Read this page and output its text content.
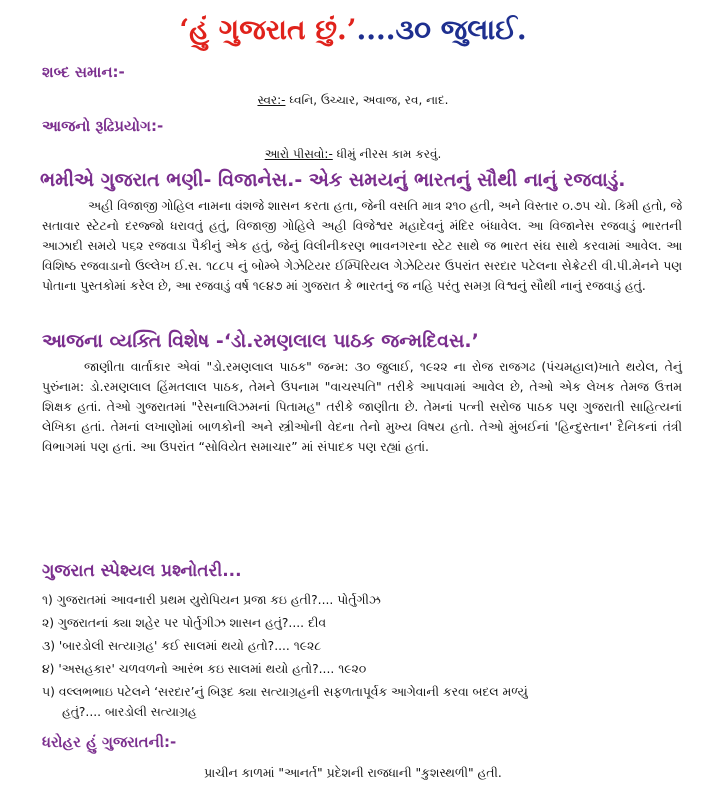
‘હું ગુજરાત છું.’....૩૦ જુલાઈ.
શબ્દ સમાન:-
સ્વર:- ધ્વનિ, ઉચ્ચાર, અવાજ, રવ, નાદ.
આજનો રૂઢિપ્રયોગ:-
આરો પીસવો:- ધીમું નીરસ કામ કરવું.
ભમીએ ગુજરાત ભણી- વિજાનેસ.- એક સમયનું ભારતનું સૌથી નાનું રજવાડું.

અહી વિજાજી ગોહિલ નામના વંશજે શાસન કરતા હતા, જેની વસતિ માત્ર ૨૧૦ હતી, અને વિસ્તાર ૦.૭૫ ચો. કિમી હતો, જે સતાવાર સ્ટેટનો દરજ્જો ધરાવતું હતું, વિજાજી ગોહિલે અહી વિજેશ્વર મહાદેવનું મંદિર બંધાવેલ. આ વિજાનેસ રજવાડું ભારતની આઝાદી સમયે ૫૬૨ રજવાડા પૈકીનું એક હતું, જેનું વિલીનીકરણ ભાવનગરના સ્ટેટ સાથે જ ભારત સંઘ સાથે કરવામાં આવેલ. આ વિશિષ્ઠ રજવાડાનો ઉલ્લેખ ઈ.સ. ૧૮૮૫ નું બોમ્બે ગેઝેટિયર ઈમ્પિરિયલ ગેઝેટિયર ઉપરાંત સરદાર પટેલના સેક્રેટરી વી.પી.મેનને પણ પોતાના પુસ્તકોમાં કરેલ છે, આ રજવાડું વર્ષ ૧૯૪૭ માં ગુજરાત કે ભારતનું જ નહિ પરંતુ સમગ્ર વિશ્વનું સૌથી નાનું રજવાડું હતું.

આજના વ્યક્તિ વિશેષ -‘ડો.રમણલાલ પાઠક જન્મદિવસ.’

જાણીતા વાર્તાકાર એવાં "ડો.રમણલાલ પાઠક" જન્મ: ૩૦ જુલાઈ, ૧૯૨૨ ના રોજ રાજગઢ (પંચમહાલ)ખાતે થયેલ, તેનું પુરુંનામ: ડો.રમણલાલ હિંમતલાલ પાઠક, તેમને ઉપનામ "વાચસ્પતિ" તરીકે આપવામાં આવેલ છે, તેઓ એક લેખક તેમજ ઉત્તમ શિક્ષક હતાં. તેઓ ગુજરાતમાં "રેસનાલિઝમનાં પિતામહ" તરીકે જાણીતા છે. તેમનાં પત્ની સરોજ પાઠક પણ ગુજરાતી સાહિત્યનાં લેખિકા હતાં. તેમનાં લખાણોમાં બાળકોની અને સ્ત્રીઓની વેદના તેનો મુખ્ય વિષય હતો. તેઓ મુંબઈનાં 'હિન્દુસ્તાન' દૈનિકનાં તંત્રી વિભાગમાં પણ હતાં. આ ઉપરાંત “સોવિયેત સમાચાર” માં સંપાદક પણ રહ્યાં હતાં.

ગુજરાત સ્પેશ્યલ પ્રશ્નોતરી...

૧) ગુજરાતમાં આવનારી પ્રથમ યુરોપિયન પ્રજા કઇ હતી?.... પોર્તુગીઝ

૨) ગુજરાતનાં ક્યા શહેર પર પોર્તુગીઝ શાસન હતું?.... દીવ

૩) 'બારડોલી સત્યાગ્રહ' કઈ સાલમાં થયો હતો?.... ૧૯૨૮

૪) 'અસહકાર' ચળવળનો આરંભ કઇ સાલમાં થયો હતો?.... ૧૯૨૦

૫) વલ્લભભાઇ પટેલને ‘સરદાર’નું બિરૂદ ક્યા સત્યાગ્રહની સફળતાપૂર્વક આગેવાની કરવા બદલ મળ્યું
હતું?.... બારડોલી સત્યાગ્રહ
ધરોહર હું ગુજરાતની:-
પ્રાચીન કાળમાં "આનર્ત" પ્રદેશની રાજધાની "કુશસ્થળી" હતી.
